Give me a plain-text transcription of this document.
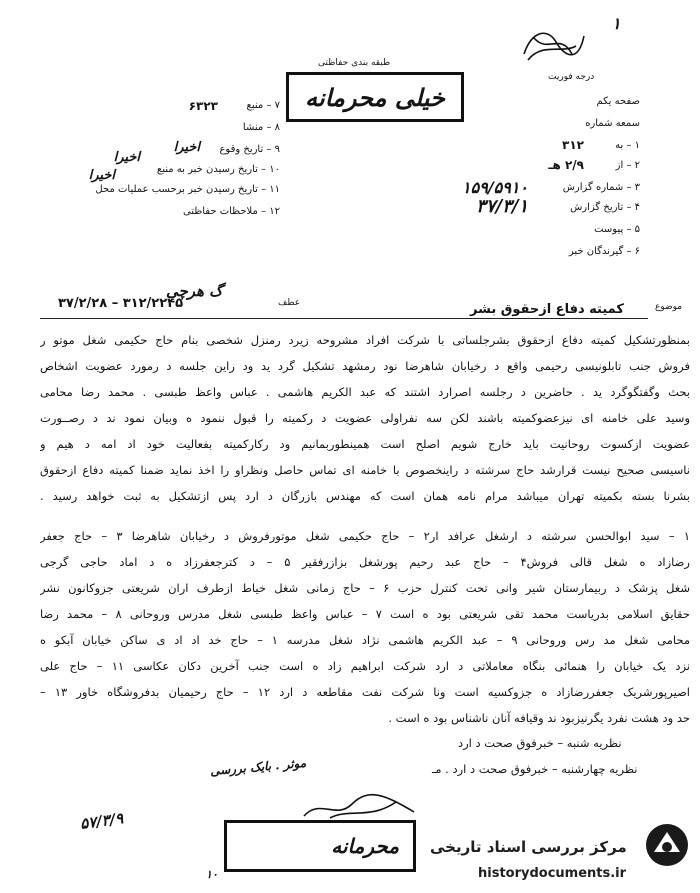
۱
درجه فوریت
طبقه بندی حفاظتی
خیلی محرمانه
۷ – منبع
۶۳۲۳
۸ – منشا
۹ – تاریخ وقوع
اخیرا
۱۰ – تاریخ رسیدن خبر به منبع
اخیرا
۱۱ – تاریخ رسیدن خبر برحسب عملیات محل
اخیرا
۱۲ – ملاحظات حفاظتی
صفحه یکم
سمعه شماره
۱ – به
۳۱۲
۲ – از
۲/۹ هـ
۳ – شماره گزارش
۱۵۹/۵۹۱۰
۴ – تاریخ گزارش
۳۷/۳/۱
۵ – پیوست
۶ – گیرندگان خبر
گ هرچی
موضوع
کمیته دفاع ازحقوق بشر
عطف
۳۷/۲/۲۸ – ۳۱۲/۲۲۴۵
بمنظورتشکیل کمیته دفاع ازحقوق بشرجلساتی با شرکت افراد مشروحه زیرد رمنزل شخصی بنام حاج حکیمی شغل موتو ر
فروش جنب تابلونیسی رحیمی واقع د رخیابان شاهرضا نود رمشهد تشکیل گرد ید ود راین جلسه د رمورد عضویت اشخاص
بحث وگفتگوگرد ید . حاضرین د رجلسه اصرارد اشتند که عبد الکریم هاشمی . عباس واعظ طبسی . محمد رضا محامی
وسید علی خامنه ای نیزعضوکمیته باشند لکن سه نفراولی عضویت د رکمیته را قبول ننمود ه وبیان نمود ند د رصــورت
عضویت ازکسوت روحانیت باید خارج شویم اصلح است همینطوربمانیم ود رکارکمیته بفعالیت خود اد امه د هیم و
ناسیسی صحیح نیست قرارشد حاج سرشته د راینخصوص با خامنه ای تماس حاصل ونظراو را اخذ نماید ضمنا کمیته دفاع ازحقوق
بشرنا بسته بکمیته تهران میباشد مرام نامه همان است که مهندس بازرگان د ارد پس ازتشکیل به ثبت خواهد رسید .
۱ – سید ابوالحسن سرشته د ارشغل عرافد ار۲ – حاج حکیمی شغل موتورفروش د رخیابان شاهرضا ۳ – حاج جعفر
رضازاد ه شغل قالی فروش۴ – حاج عبد رحیم پورشغل بزازرفقیر ۵ – د کترجعفرزاد ه د اماد حاجی گرجی
شغل پزشک د ربیمارستان شیر وانی تحت کنترل حزب ۶ – حاج زمانی شغل خیاط ازطرف اران شریعتی جزوکانون نشر
حقایق اسلامی بدریاست محمد تقی شریعتی بود ه است ۷ – عباس واعظ طبسی شغل مدرس وروحانی ۸ – محمد رضا
محامی شغل مد رس وروحانی ۹ – عبد الکریم هاشمی نژاد شغل مدرسه ۱ – حاج خد اد اد ی ساکن خیابان آبکو ه
نزد یک خیابان را هنمائی بنگاه معاملاتی د ارد شرکت ابراهیم زاد ه است جنب آخرین دکان عکاسی ۱۱ – حاج علی
اصیرپورشریک جعفررضازاد ه جزوکسیه است ونا شرکت نفت مقاطعه د ارد ۱۲ – حاج رحیمیان بدفروشگاه خاور ۱۳ –
حد ود هشت نفرد یگرنیزبود ند وقیافه آنان ناشناس بود ه است .
نظریه شنبه – خبرفوق صحت د ارد
نظریه چهارشنبه – خبرفوق صحت د ارد . مـ
موثر . بایک بررسی
۵۷/۳/۹
۱۰
محرمانه مرکز بررسی اسناد تاریخی
historydocuments.ir
